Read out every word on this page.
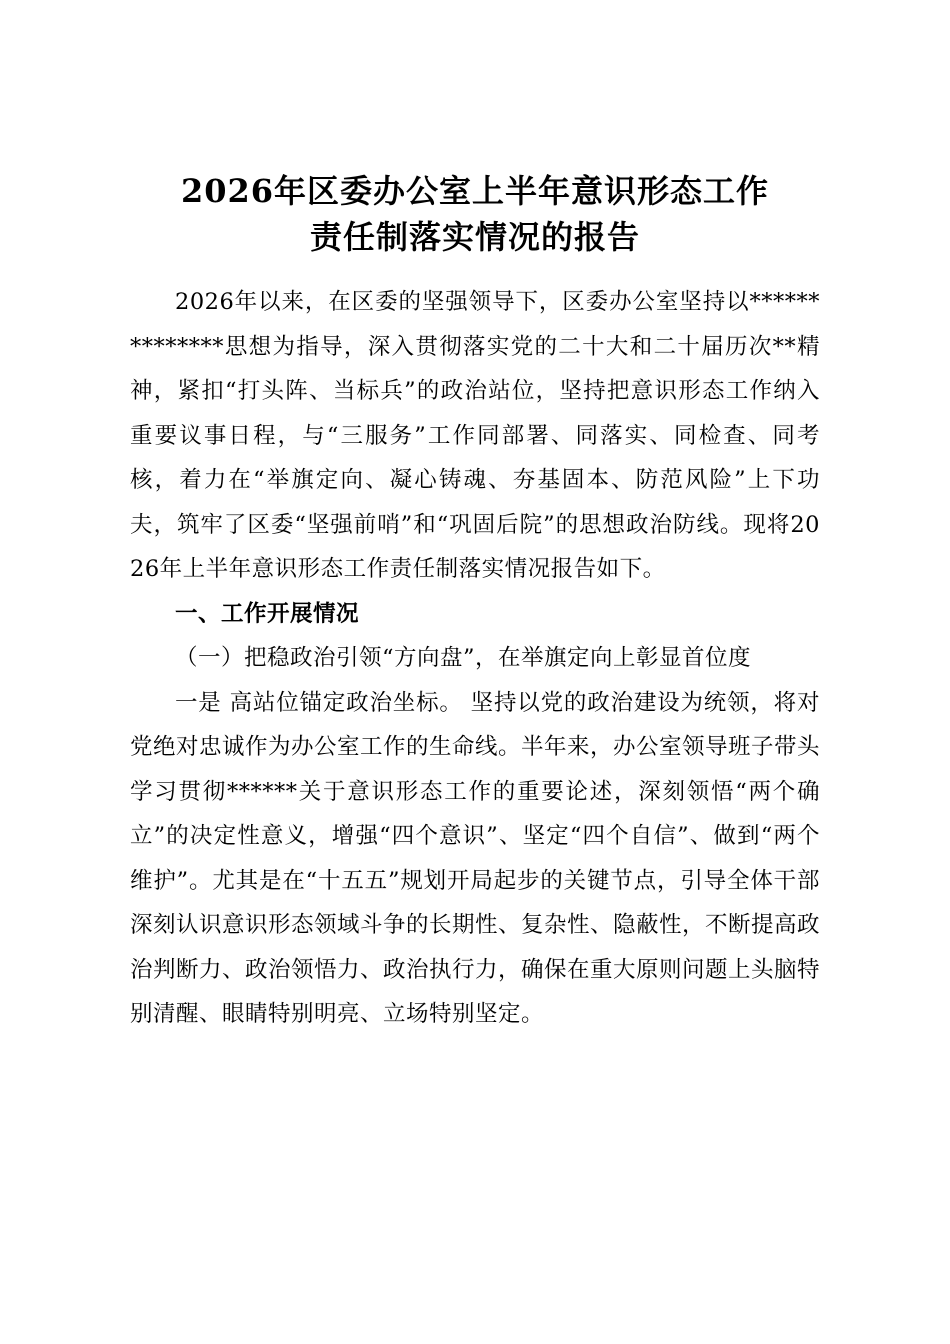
2026年区委办公室上半年意识形态工作
责任制落实情况的报告

2026年以来，在区委的坚强领导下，区委办公室坚持以**************思想为指导，深入贯彻落实党的二十大和二十届历次**精神，紧扣“打头阵、当标兵”的政治站位，坚持把意识形态工作纳入重要议事日程，与“三服务”工作同部署、同落实、同检查、同考核，着力在“举旗定向、凝心铸魂、夯基固本、防范风险”上下功夫，筑牢了区委“坚强前哨”和“巩固后院”的思想政治防线。现将2026年上半年意识形态工作责任制落实情况报告如下。

一、工作开展情况

（一）把稳政治引领“方向盘”，在举旗定向上彰显首位度

一是 高站位锚定政治坐标。 坚持以党的政治建设为统领，将对党绝对忠诚作为办公室工作的生命线。半年来，办公室领导班子带头学习贯彻******关于意识形态工作的重要论述，深刻领悟“两个确立”的决定性意义，增强“四个意识”、坚定“四个自信”、做到“两个维护”。尤其是在“十五五”规划开局起步的关键节点，引导全体干部深刻认识意识形态领域斗争的长期性、复杂性、隐蔽性，不断提高政治判断力、政治领悟力、政治执行力，确保在重大原则问题上头脑特别清醒、眼睛特别明亮、立场特别坚定。
